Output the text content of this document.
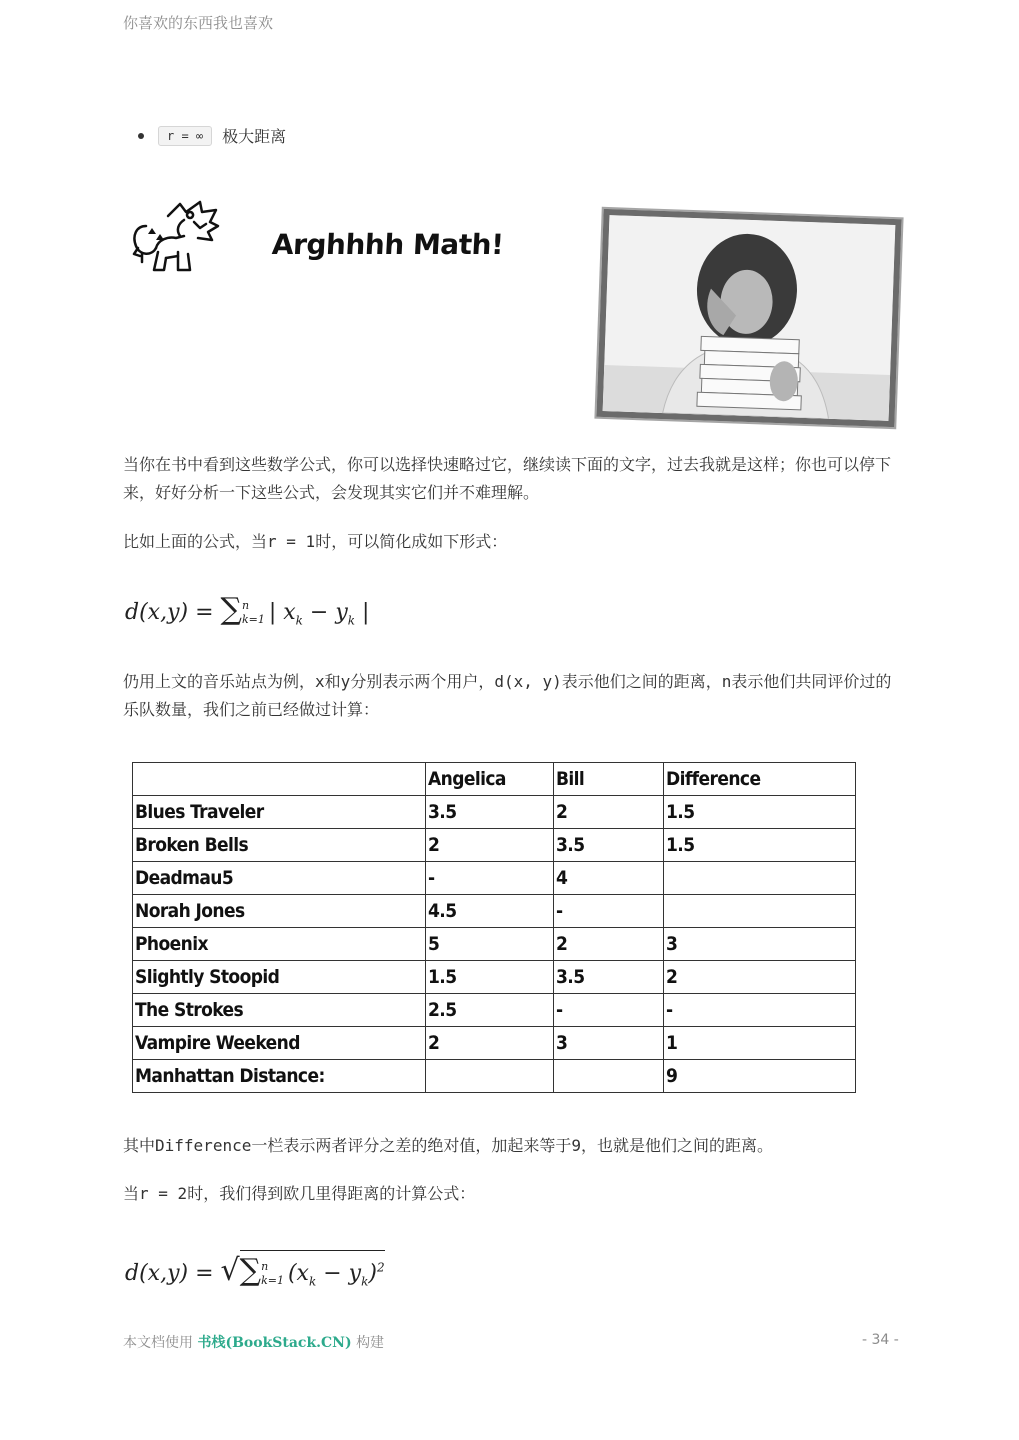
你喜欢的东西我也喜欢
r = ∞	极大距离
Arghhhh Math!
当你在书中看到这些数学公式，你可以选择快速略过它，继续读下面的文字，过去我就是这样；你也可以停下来，好好分析一下这些公式，会发现其实它们并不难理解。
比如上面的公式，当r = 1时，可以简化成如下形式：
d(x,y) = ∑ n
k=1 | $x_k - y_k$ |
仍用上文的音乐站点为例，x和y分别表示两个用户，d(x, y)表示他们之间的距离，n表示他们共同评价过的乐队数量，我们之前已经做过计算：
	Angelica	Bill	Difference
Blues Traveler	3.5	2	1.5
Broken Bells	2	3.5	1.5
Deadmau5	-	4	
Norah Jones	4.5	-	
Phoenix	5	2	3
Slightly Stoopid	1.5	3.5	2
The Strokes	2.5	-	-
Vampire Weekend	2	3	1
Manhattan Distance:			9
其中Difference一栏表示两者评分之差的绝对值，加起来等于9，也就是他们之间的距离。
当r = 2时，我们得到欧几里得距离的计算公式：
d(x,y) = √∑ n
k=1 $(x_k - y_k)^2$
本文档使用 书栈(BookStack.CN) 构建	- 34 -
